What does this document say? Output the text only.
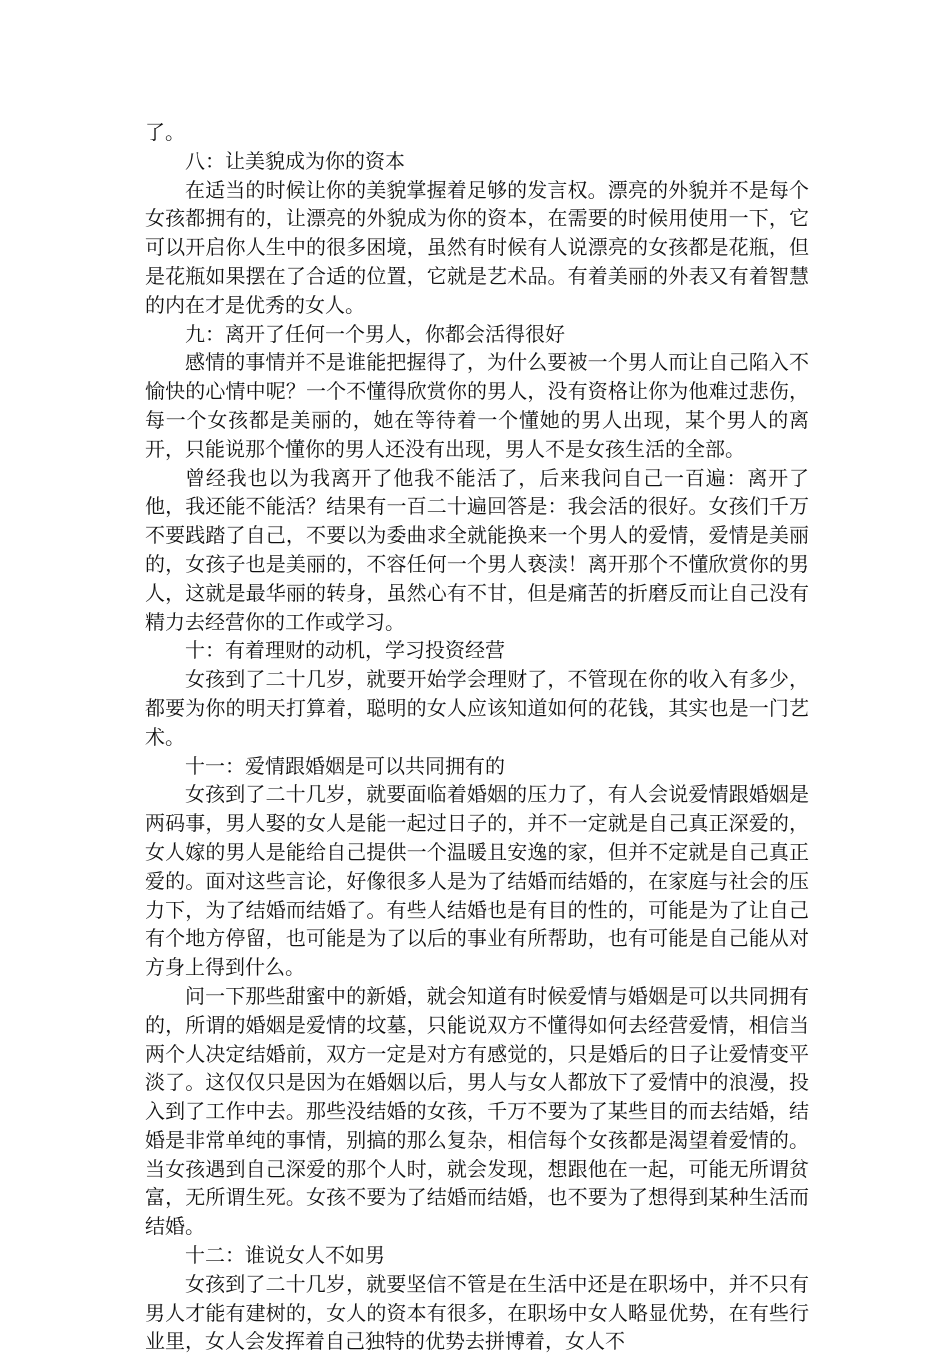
了。

八：让美貌成为你的资本

在适当的时候让你的美貌掌握着足够的发言权。漂亮的外貌并不是每个女孩都拥有的，让漂亮的外貌成为你的资本，在需要的时候用使用一下，它可以开启你人生中的很多困境，虽然有时候有人说漂亮的女孩都是花瓶，但是花瓶如果摆在了合适的位置，它就是艺术品。有着美丽的外表又有着智慧的内在才是优秀的女人。

九：离开了任何一个男人，你都会活得很好

感情的事情并不是谁能把握得了，为什么要被一个男人而让自己陷入不愉快的心情中呢？一个不懂得欣赏你的男人，没有资格让你为他难过悲伤，每一个女孩都是美丽的，她在等待着一个懂她的男人出现，某个男人的离开，只能说那个懂你的男人还没有出现，男人不是女孩生活的全部。

曾经我也以为我离开了他我不能活了，后来我问自己一百遍：离开了他，我还能不能活？结果有一百二十遍回答是：我会活的很好。女孩们千万不要践踏了自己，不要以为委曲求全就能换来一个男人的爱情，爱情是美丽的，女孩子也是美丽的，不容任何一个男人亵渎！离开那个不懂欣赏你的男人，这就是最华丽的转身，虽然心有不甘，但是痛苦的折磨反而让自己没有精力去经营你的工作或学习。

十：有着理财的动机，学习投资经营

女孩到了二十几岁，就要开始学会理财了，不管现在你的收入有多少，都要为你的明天打算着，聪明的女人应该知道如何的花钱，其实也是一门艺术。

十一：爱情跟婚姻是可以共同拥有的

女孩到了二十几岁，就要面临着婚姻的压力了，有人会说爱情跟婚姻是两码事，男人娶的女人是能一起过日子的，并不一定就是自己真正深爱的，女人嫁的男人是能给自己提供一个温暖且安逸的家，但并不定就是自己真正爱的。面对这些言论，好像很多人是为了结婚而结婚的，在家庭与社会的压力下，为了结婚而结婚了。有些人结婚也是有目的性的，可能是为了让自己有个地方停留，也可能是为了以后的事业有所帮助，也有可能是自己能从对方身上得到什么。

问一下那些甜蜜中的新婚，就会知道有时候爱情与婚姻是可以共同拥有的，所谓的婚姻是爱情的坟墓，只能说双方不懂得如何去经营爱情，相信当两个人决定结婚前，双方一定是对方有感觉的，只是婚后的日子让爱情变平淡了。这仅仅只是因为在婚姻以后，男人与女人都放下了爱情中的浪漫，投入到了工作中去。那些没结婚的女孩，千万不要为了某些目的而去结婚，结婚是非常单纯的事情，别搞的那么复杂，相信每个女孩都是渴望着爱情的。当女孩遇到自己深爱的那个人时，就会发现，想跟他在一起，可能无所谓贫富，无所谓生死。女孩不要为了结婚而结婚，也不要为了想得到某种生活而结婚。

十二：谁说女人不如男

女孩到了二十几岁，就要坚信不管是在生活中还是在职场中，并不只有男人才能有建树的，女人的资本有很多，在职场中女人略显优势，在有些行业里，女人会发挥着自己独特的优势去拼博着，女人不
